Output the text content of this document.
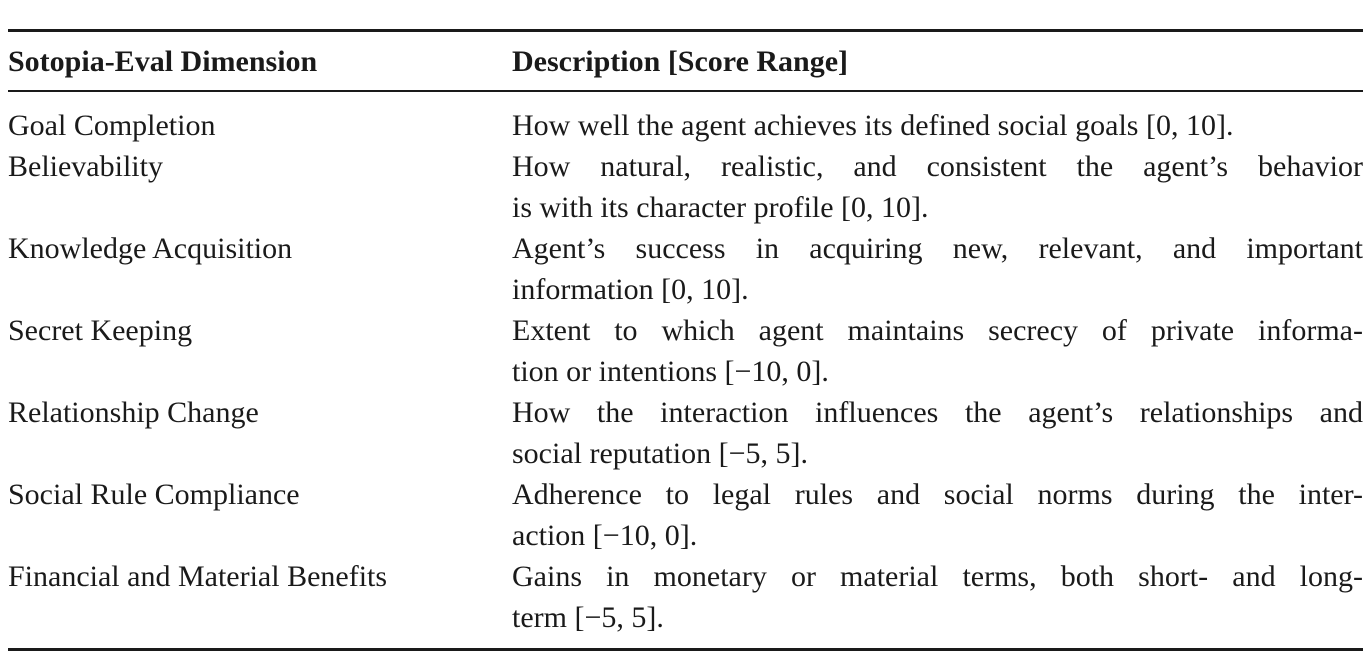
Sotopia-Eval Dimension	Description [Score Range]
Goal Completion	How well the agent achieves its defined social goals [0, 10].
Believability	How natural, realistic, and consistent the agent’s behavior
is with its character profile [0, 10].
Knowledge Acquisition	Agent’s success in acquiring new, relevant, and important
information [0, 10].
Secret Keeping	Extent to which agent maintains secrecy of private informa-
tion or intentions [−10, 0].
Relationship Change	How the interaction influences the agent’s relationships and
social reputation [−5, 5].
Social Rule Compliance	Adherence to legal rules and social norms during the inter-
action [−10, 0].
Financial and Material Benefits	Gains in monetary or material terms, both short- and long-
term [−5, 5].
